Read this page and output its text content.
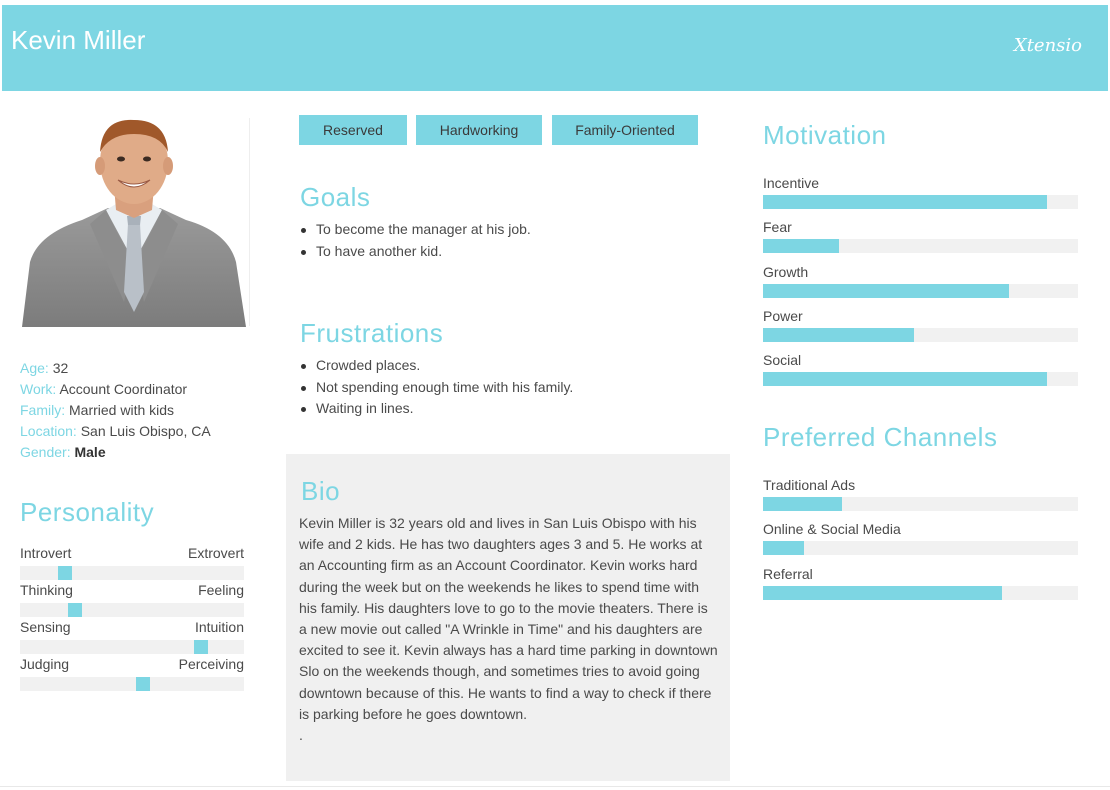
Kevin Miller	Xtensio
Age: 32
Work: Account Coordinator
Family: Married with kids
Location: San Luis Obispo, CA
Gender: Male
Personality
Introvert	Extrovert
Thinking	Feeling
Sensing	Intuition
Judging	Perceiving
Reserved	Hardworking	Family-Oriented
Goals
To become the manager at his job.
To have another kid.
Frustrations
Crowded places.
Not spending enough time with his family.
Waiting in lines.
Bio
Kevin Miller is 32 years old and lives in San Luis Obispo with his wife and 2 kids. He has two daughters ages 3 and 5. He works at an Accounting firm as an Account Coordinator. Kevin works hard during the week but on the weekends he likes to spend time with his family. His daughters love to go to the movie theaters. There is a new movie out called "A Wrinkle in Time" and his daughters are excited to see it. Kevin always has a hard time parking in downtown Slo on the weekends though, and sometimes tries to avoid going downtown because of this. He wants to find a way to check if there is parking before he goes downtown.
.
Motivation
Incentive
Fear
Growth
Power
Social
Preferred Channels
Traditional Ads
Online & Social Media
Referral
